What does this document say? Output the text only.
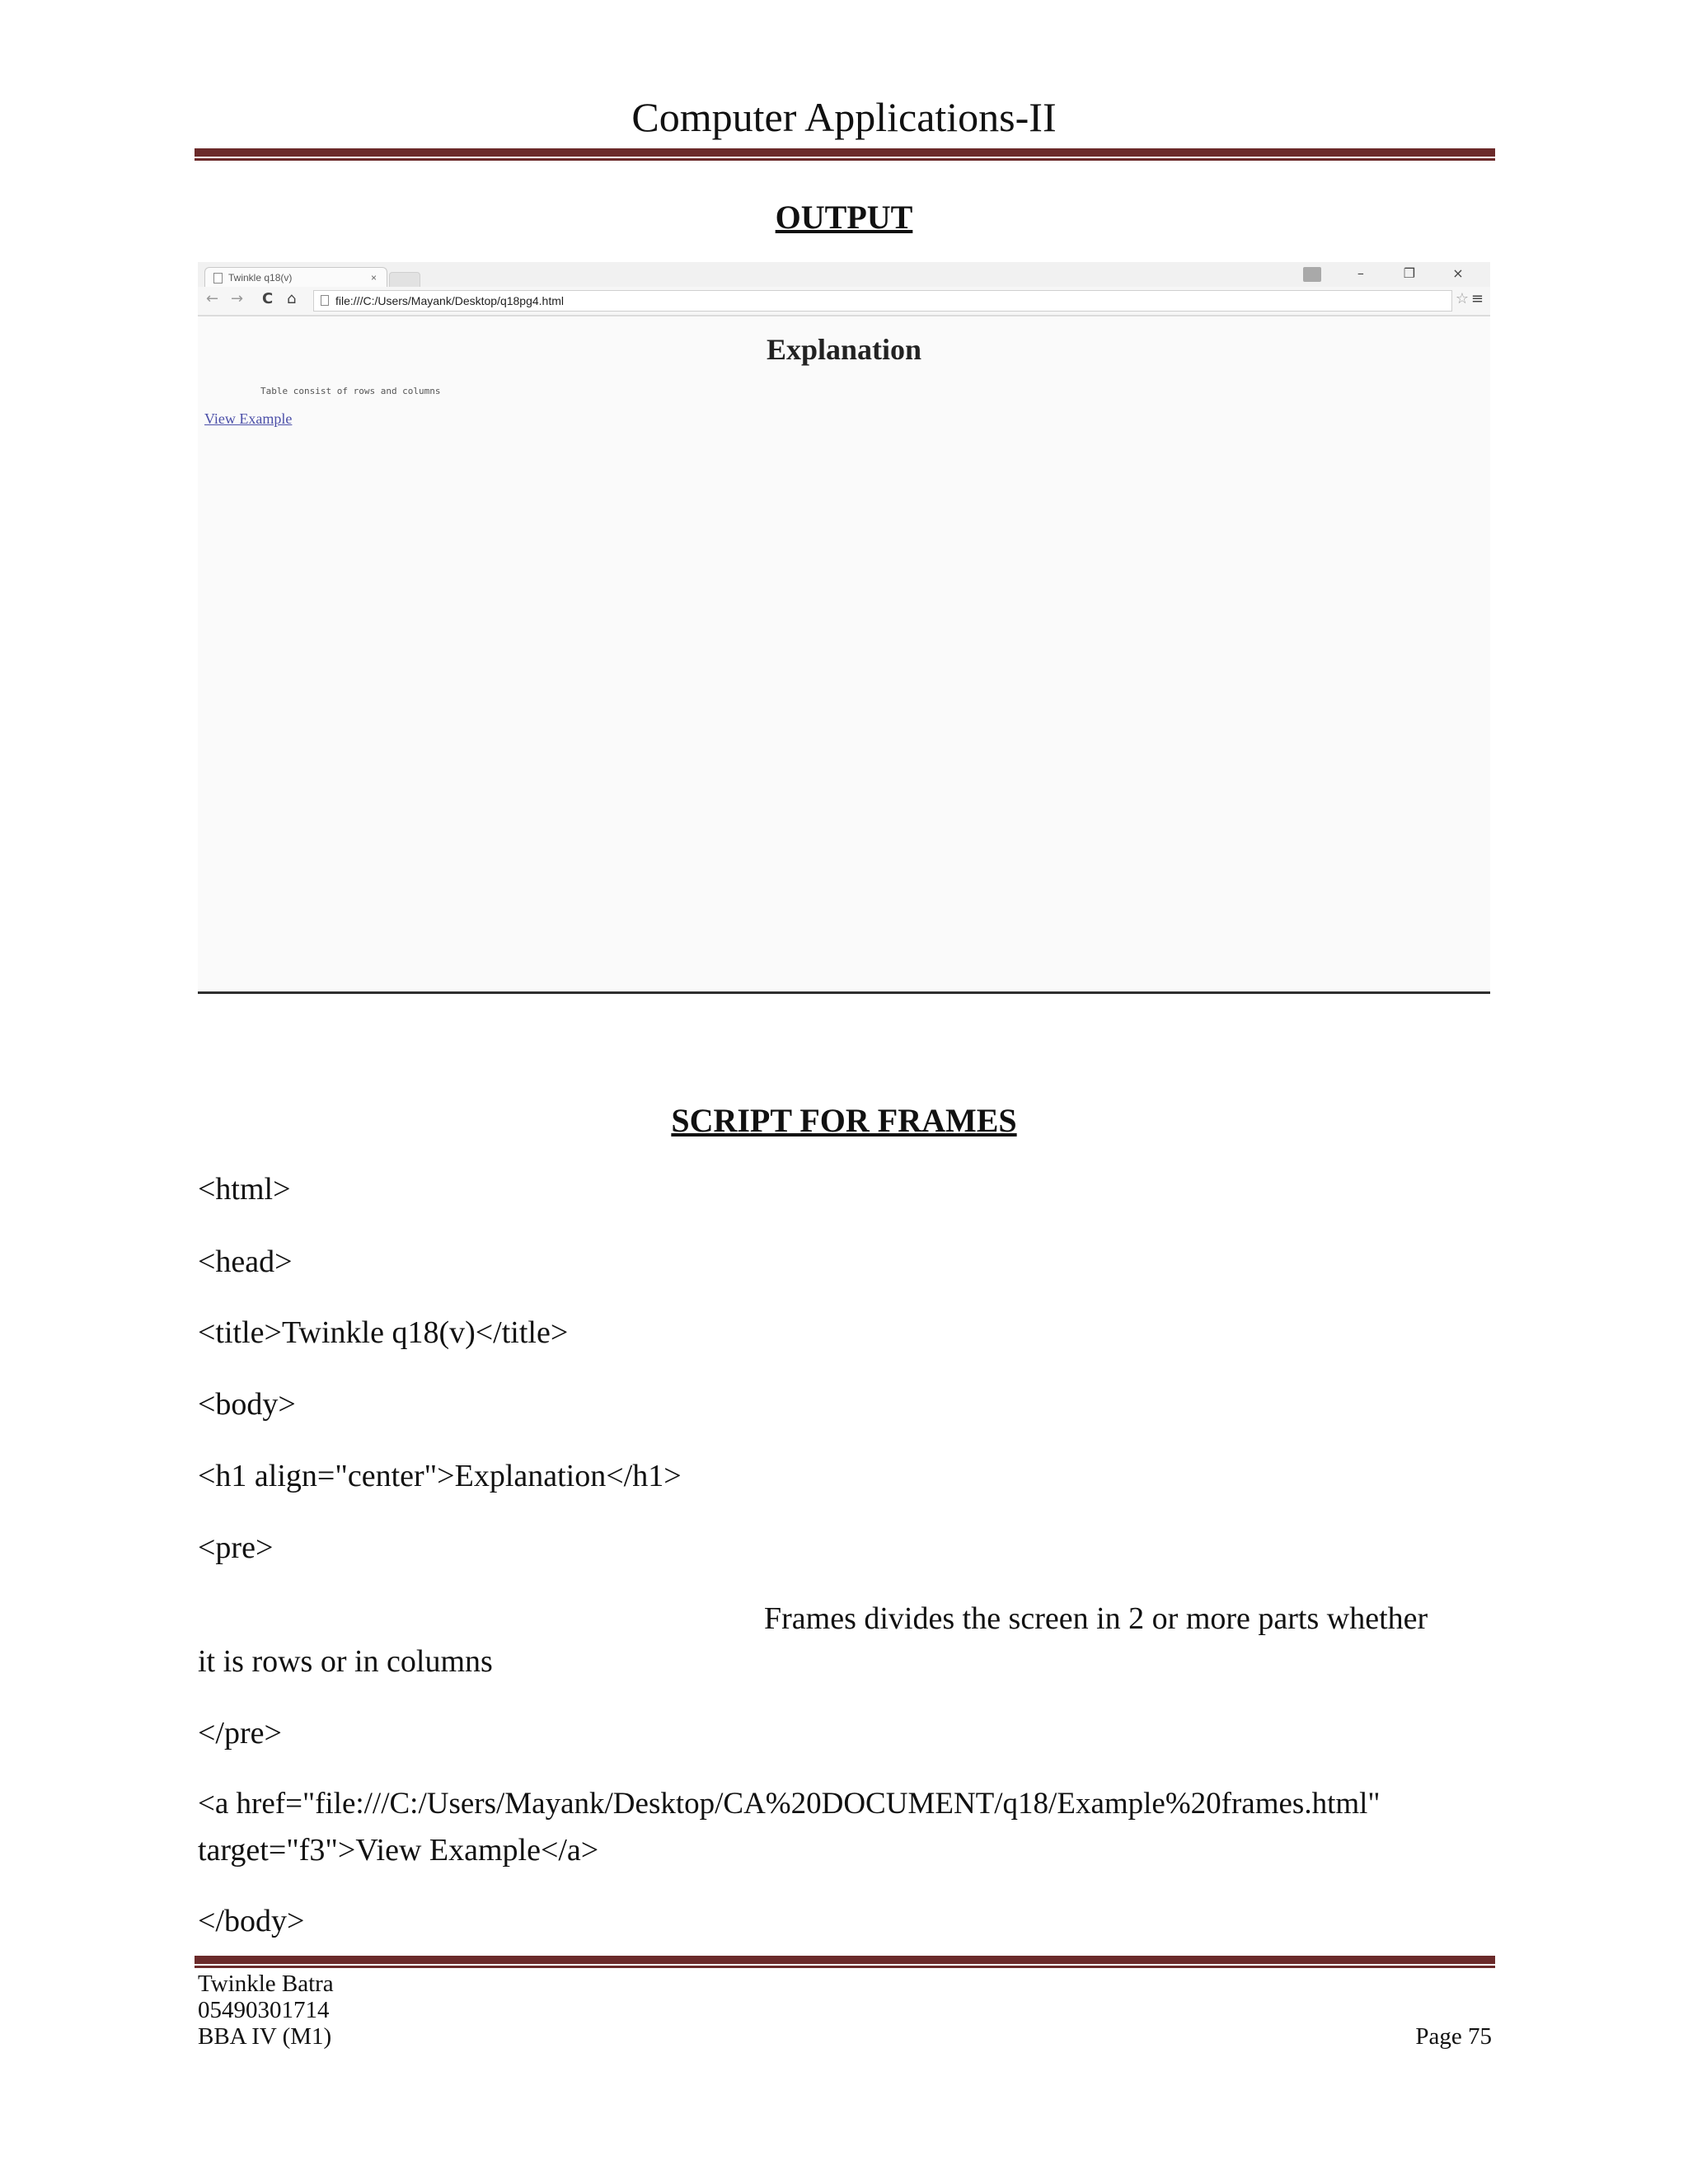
Computer Applications-II
OUTPUT
Twinkle q18(v)	×	–	❐	×
← → C ⌂	file:///C:/Users/Mayank/Desktop/q18pg4.html	☆ ≡
Explanation
Table consist of rows and columns
View Example
SCRIPT FOR FRAMES
<html>
<head>
<title>Twinkle q18(v)</title>
<body>
<h1 align="center">Explanation</h1>
<pre>
Frames divides the screen in 2 or more parts whether
it is rows or in columns
</pre>
<a href="file:///C:/Users/Mayank/Desktop/CA%20DOCUMENT/q18/Example%20frames.html"
target="f3">View Example</a>
</body>
Twinkle Batra
05490301714
BBA IV (M1)	Page 75
